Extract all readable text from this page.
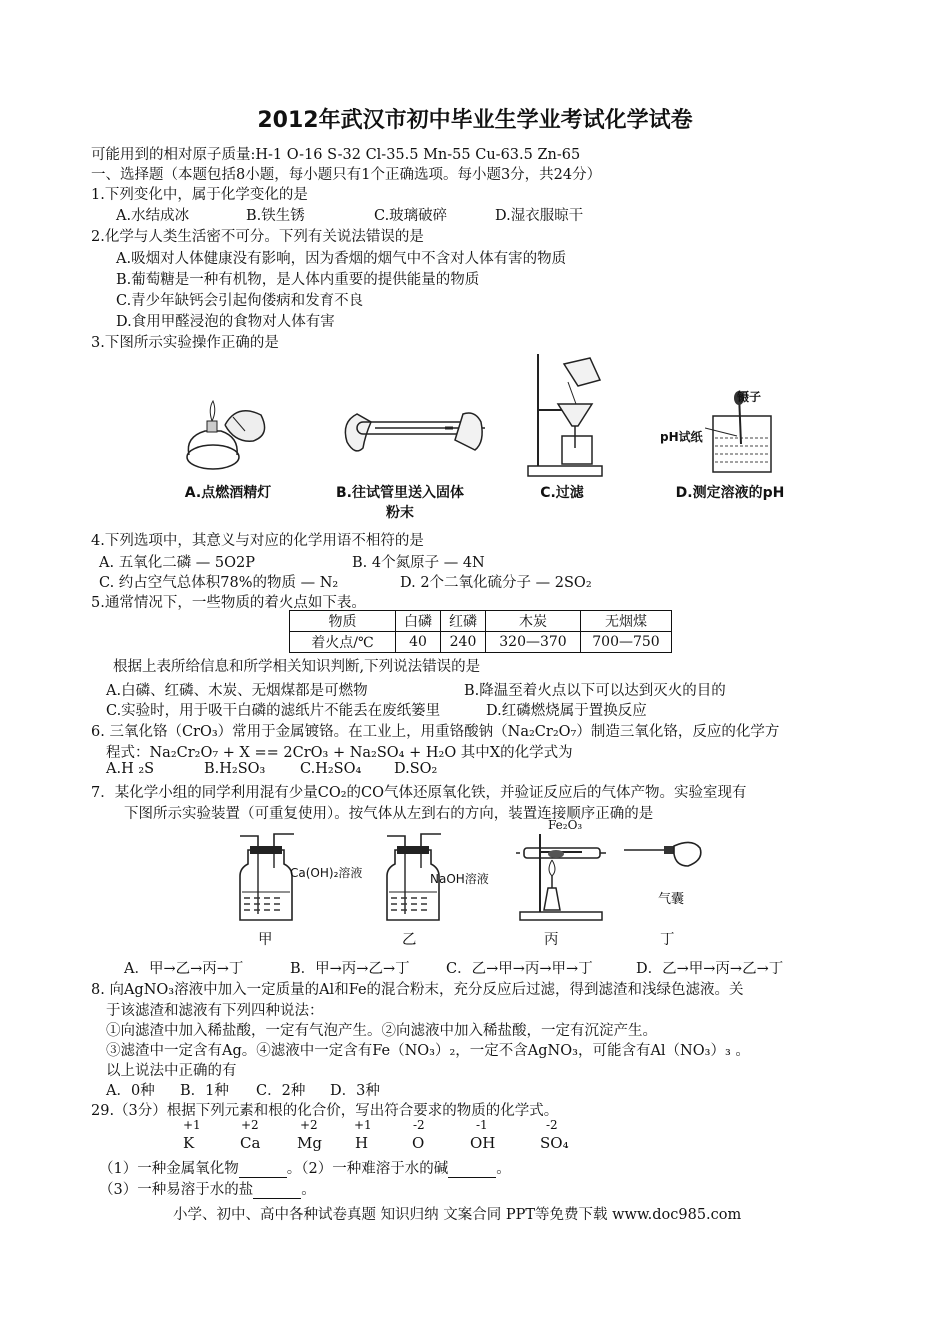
2012年武汉市初中毕业生学业考试化学试卷
可能用到的相对原子质量:H-1 O-16 S-32 Cl-35.5 Mn-55 Cu-63.5 Zn-65
一、选择题（本题包括8小题，每小题只有1个正确选项。每小题3分，共24分）
1.下列变化中，属于化学变化的是
A.水结成冰	B.铁生锈	C.玻璃破碎	D.湿衣服晾干
2.化学与人类生活密不可分。下列有关说法错误的是
A.吸烟对人体健康没有影响，因为香烟的烟气中不含对人体有害的物质
B.葡萄糖是一种有机物，是人体内重要的提供能量的物质
C.青少年缺钙会引起佝偻病和发育不良
D.食用甲醛浸泡的食物对人体有害
3.下图所示实验操作正确的是
A.点燃酒精灯	B.往试管里送入固体粉末
C.过滤
镊子
pH试纸
D.测定溶液的pH
4.下列选项中，其意义与对应的化学用语不相符的是
A. 五氧化二磷 — 5O2P	B. 4个氮原子 — 4N
C. 约占空气总体积78%的物质 — N₂	D. 2个二氧化硫分子 — 2SO₂
5.通常情况下，一些物质的着火点如下表。
物质	白磷	红磷	木炭	无烟煤
着火点/℃	40	240	320—370	700—750
根据上表所给信息和所学相关知识判断,下列说法错误的是
A.白磷、红磷、木炭、无烟煤都是可燃物	B.降温至着火点以下可以达到灭火的目的
C.实验时，用于吸干白磷的滤纸片不能丢在废纸篓里	D.红磷燃烧属于置换反应
6. 三氧化铬（CrO₃）常用于金属镀铬。在工业上，用重铬酸钠（Na₂Cr₂O₇）制造三氧化铬，反应的化学方
程式：Na₂Cr₂O₇ + X == 2CrO₃ + Na₂SO₄ + H₂O 其中X的化学式为
A.H ₂S	B.H₂SO₃ C.H₂SO₄ D.SO₂
7．某化学小组的同学利用混有少量CO₂的CO气体还原氧化铁，并验证反应后的气体产物。实验室现有
下图所示实验装置（可重复使用）。按气体从左到右的方向，装置连接顺序正确的是
Ca(OH)₂溶液
甲
NaOH溶液
乙
Fe₂O₃
丙
气囊
丁
A．甲→乙→丙→丁	B．甲→丙→乙→丁	C．乙→甲→丙→甲→丁	D．乙→甲→丙→乙→丁
8. 向AgNO₃溶液中加入一定质量的Al和Fe的混合粉末，充分反应后过滤，得到滤渣和浅绿色滤液。关
于该滤渣和滤液有下列四种说法：
①向滤渣中加入稀盐酸，一定有气泡产生。②向滤液中加入稀盐酸，一定有沉淀产生。
③滤渣中一定含有Ag。④滤液中一定含有Fe（NO₃）₂，一定不含AgNO₃，可能含有Al（NO₃）₃ 。
以上说法中正确的有
A．0种 B．1种 C．2种 D．3种
29.（3分）根据下列元素和根的化合价，写出符合要求的物质的化学式。
+1	+2	+2	+1	-2	-1	-2
K	Ca Mg H	O	OH	SO₄
（1）一种金属氧化物	。（2）一种难溶于水的碱	。
（3）一种易溶于水的盐	。
小学、初中、高中各种试卷真题 知识归纳 文案合同 PPT等免费下载 www.doc985.com
